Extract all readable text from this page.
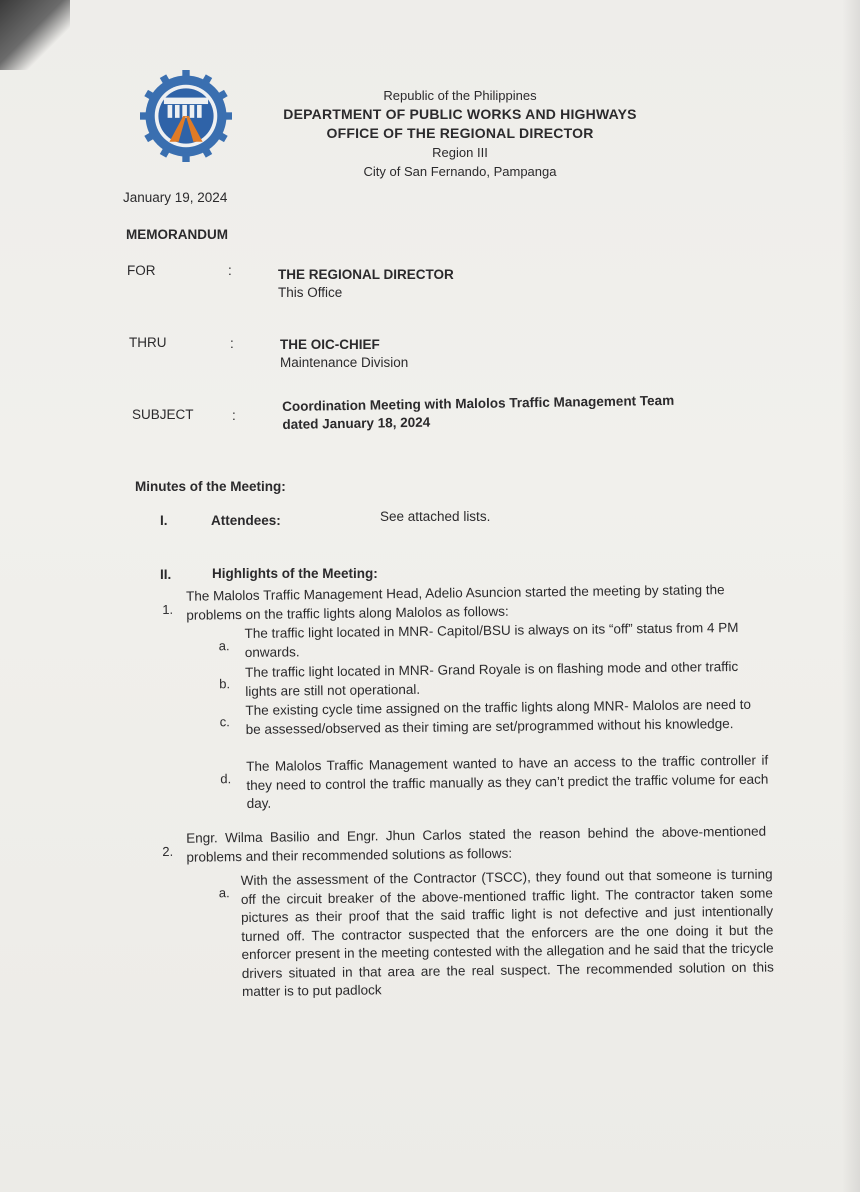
Republic of the Philippines
DEPARTMENT OF PUBLIC WORKS AND HIGHWAYS
OFFICE OF THE REGIONAL DIRECTOR
Region III
City of San Fernando, Pampanga
January 19, 2024
MEMORANDUM
FOR	:	THE REGIONAL DIRECTOR
This Office
THRU	:	THE OIC-CHIEF
Maintenance Division
SUBJECT	:
Coordination Meeting with Malolos Traffic Management Team
dated January 18, 2024
Minutes of the Meeting:
I.	Attendees:	See attached lists.
II.	Highlights of the Meeting:
1.
The Malolos Traffic Management Head, Adelio Asuncion started the meeting by stating the problems on the traffic lights along Malolos as follows:
a.
The traffic light located in MNR- Capitol/BSU is always on its “off” status from 4 PM onwards.
b.
The traffic light located in MNR- Grand Royale is on flashing mode and other traffic lights are still not operational.
c.
The existing cycle time assigned on the traffic lights along MNR- Malolos are need to be assessed/observed as their timing are set/programmed without his knowledge.
d.
The Malolos Traffic Management wanted to have an access to the traffic controller if they need to control the traffic manually as they can’t predict the traffic volume for each day.
2.
Engr. Wilma Basilio and Engr. Jhun Carlos stated the reason behind the above-mentioned problems and their recommended solutions as follows:
a.
With the assessment of the Contractor (TSCC), they found out that someone is turning off the circuit breaker of the above-mentioned traffic light. The contractor taken some pictures as their proof that the said traffic light is not defective and just intentionally turned off. The contractor suspected that the enforcers are the one doing it but the enforcer present in the meeting contested with the allegation and he said that the tricycle drivers situated in that area are the real suspect. The recommended solution on this matter is to put padlock
